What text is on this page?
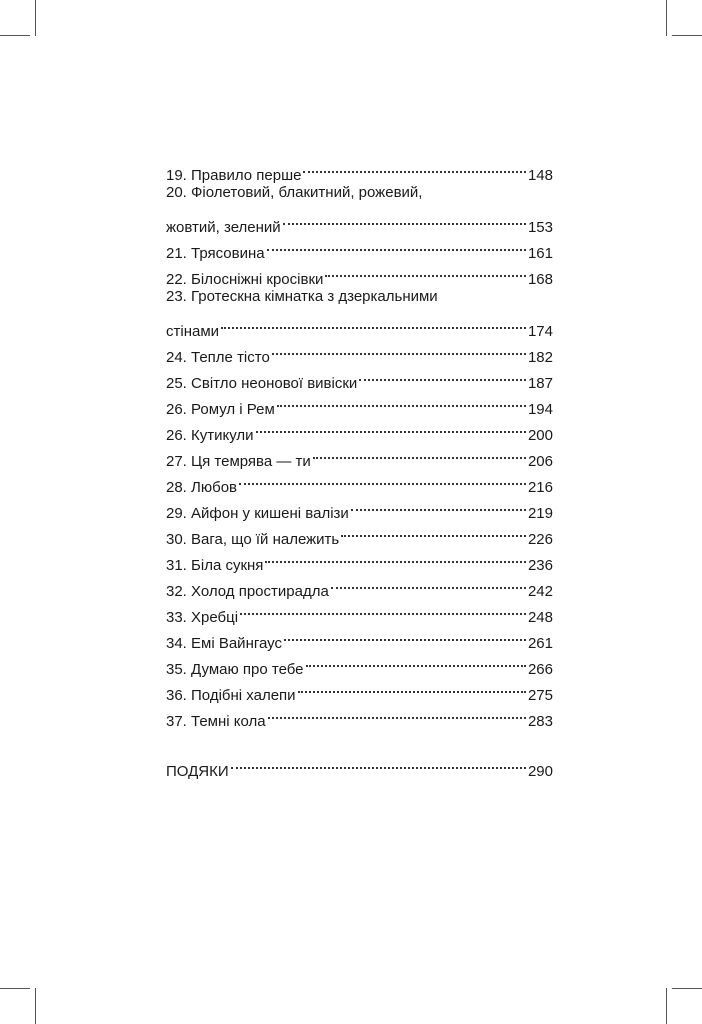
19. Правило перше	148
20. Фіолетовий, блакитний, рожевий,
жовтий, зелений	153
21. Трясовина	161
22. Білосніжні кросівки	168
23. Гротескна кімнатка з дзеркальними
стінами	174
24. Тепле тісто	182
25. Світло неонової вивіски	187
26. Ромул і Рем	194
26. Кутикули	200
27. Ця темрява — ти	206
28. Любов	216
29. Айфон у кишені валізи	219
30. Вага, що їй належить	226
31. Біла сукня	236
32. Холод простирадла	242
33. Хребці	248
34. Емі Вайнгаус	261
35. Думаю про тебе	266
36. Подібні халепи	275
37. Темні кола	283
ПОДЯКИ	290
